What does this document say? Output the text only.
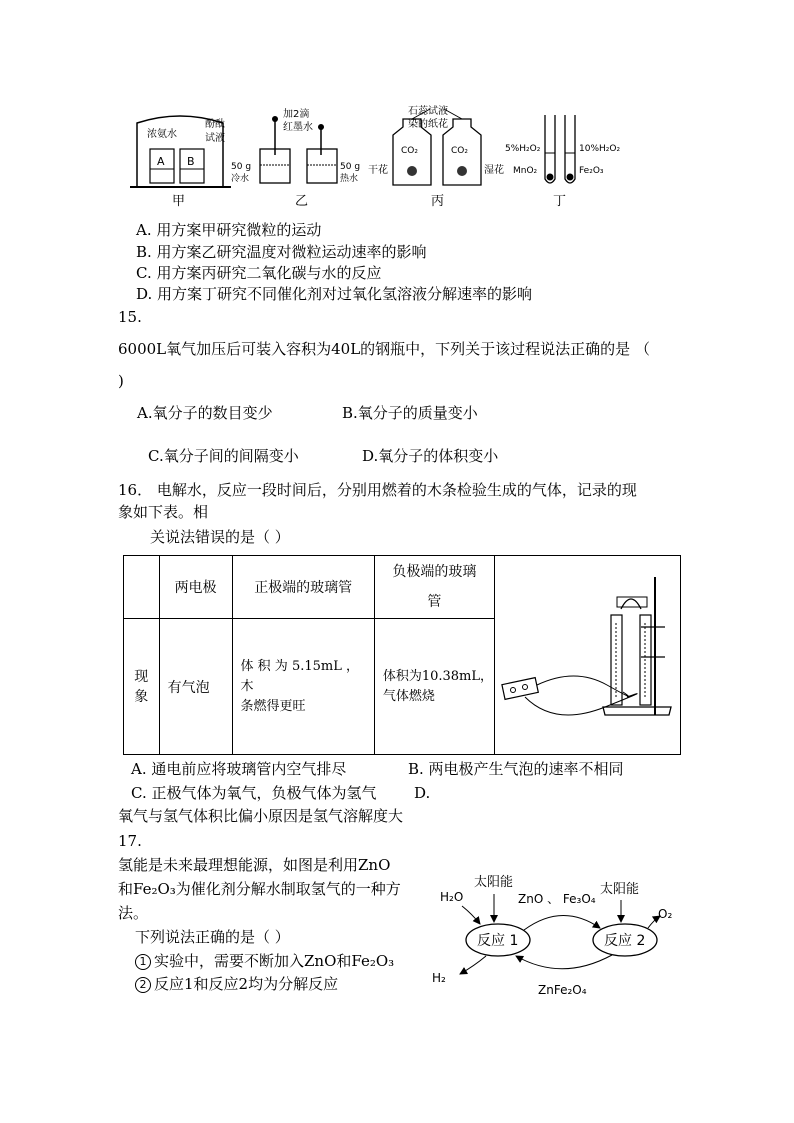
浓氨水
酚酞
试液
A B
甲
加2滴
红墨水
50 g
冷水
50 g
热水
乙
石蕊试液
染的纸花
CO₂	CO₂
干花	湿花
丙
5%H₂O₂
MnO₂
10%H₂O₂
Fe₂O₃
丁
A. 用方案甲研究微粒的运动
B. 用方案乙研究温度对微粒运动速率的影响
C. 用方案丙研究二氧化碳与水的反应
D. 用方案丁研究不同催化剂对过氧化氢溶液分解速率的影响
15.
6000L氧气加压后可装入容积为40L的钢瓶中，下列关于该过程说法正确的是 （
)
A.氧分子的数目变少	B.氧分子的质量变小
C.氧分子间的间隔变小	D.氧分子的体积变小
16． 电解水，反应一段时间后，分别用燃着的木条检验生成的气体，记录的现
象如下表。相
关说法错误的是（ ）
	两电极	正极端的玻璃管	负极端的玻璃
管	

现
象	有气泡	体 积 为 5.15mL ， 木
条燃得更旺	体积为10.38mL，
气体燃烧	
A. 通电前应将玻璃管内空气排尽	B. 两电极产生气泡的速率不相同
C. 正极气体为氧气，负极气体为氢气	D.
氧气与氢气体积比偏小原因是氢气溶解度大
17.
氢能是未来最理想能源，如图是利用ZnO
和Fe₂O₃为催化剂分解水制取氢气的一种方
法。
下列说法正确的是（ ）
1 实验中，需要不断加入ZnO和Fe₂O₃
2 反应1和反应2均为分解反应
H₂O
太阳能
ZnO 、 Fe₃O₄
太阳能
O₂
反应 1	反应 2
H₂
ZnFe₂O₄
